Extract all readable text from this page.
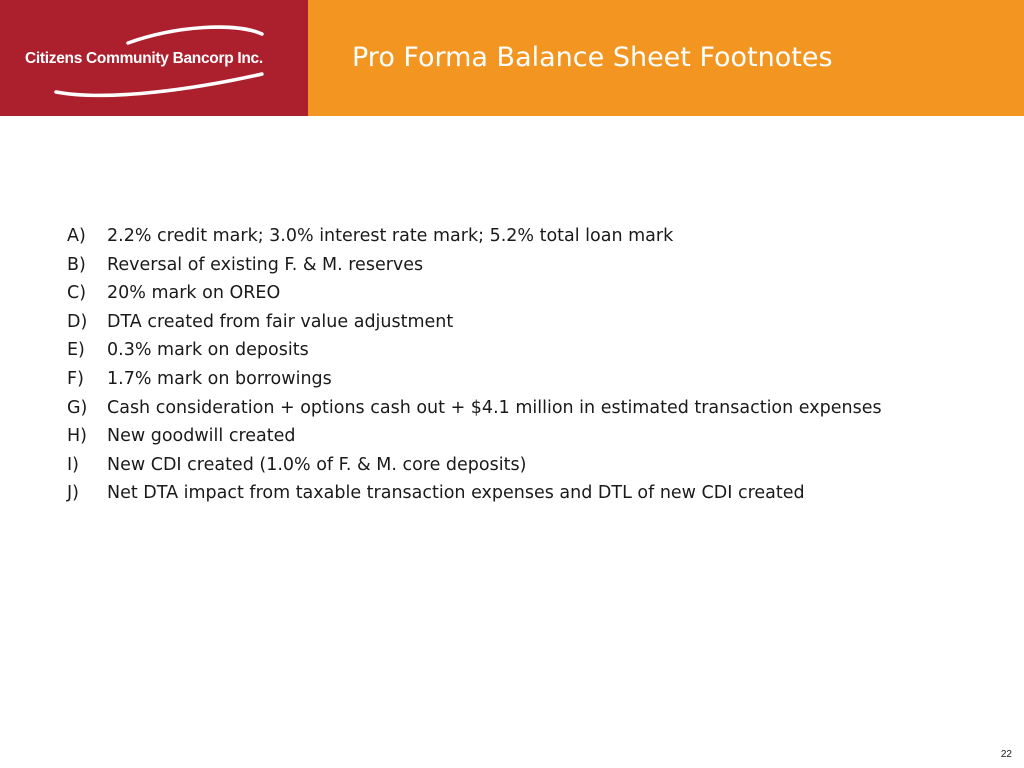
Citizens Community Bancorp Inc.	Pro Forma Balance Sheet Footnotes
A)	2.2% credit mark; 3.0% interest rate mark; 5.2% total loan mark
B)	Reversal of existing F. & M. reserves
C)	20% mark on OREO
D)	DTA created from fair value adjustment
E)	0.3% mark on deposits
F)	1.7% mark on borrowings
G)	Cash consideration + options cash out + $4.1 million in estimated transaction expenses
H)	New goodwill created
I)	New CDI created (1.0% of F. & M. core deposits)
J)	Net DTA impact from taxable transaction expenses and DTL of new CDI created
22
